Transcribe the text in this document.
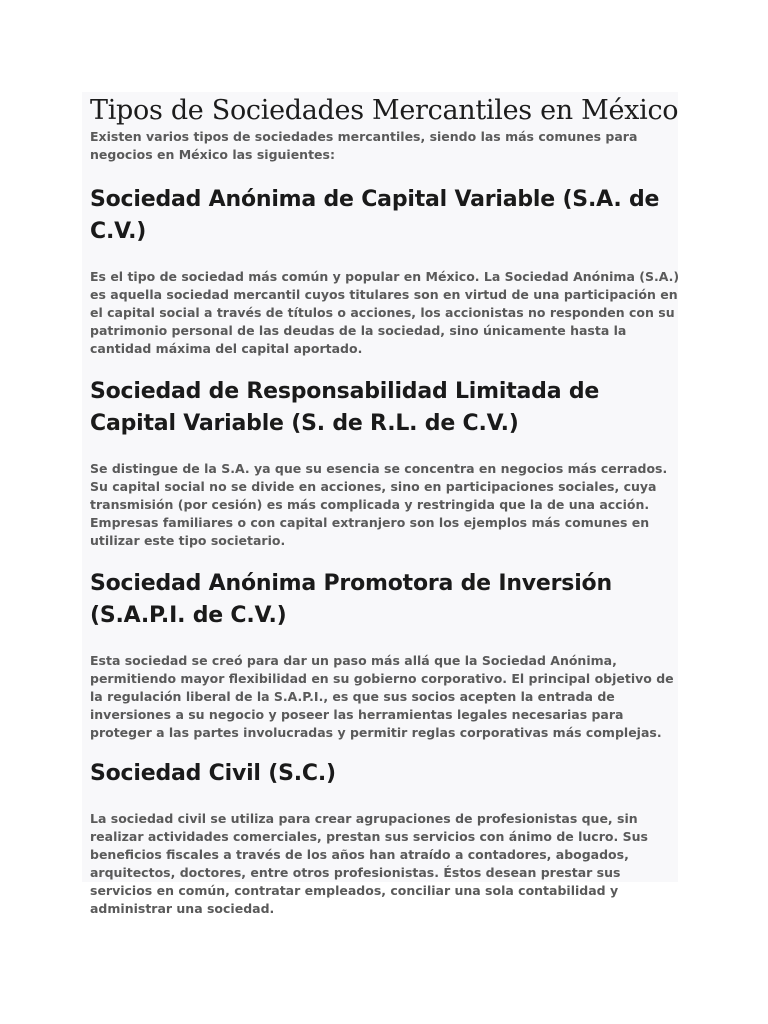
Tipos de Sociedades Mercantiles en México

Existen varios tipos de sociedades mercantiles, siendo las más comunes para negocios en México las siguientes:

Sociedad Anónima de Capital Variable (S.A. de C.V.)

Es el tipo de sociedad más común y popular en México. La Sociedad Anónima (S.A.) es aquella sociedad mercantil cuyos titulares son en virtud de una participación en el capital social a través de títulos o acciones, los accionistas no responden con su patrimonio personal de las deudas de la sociedad, sino únicamente hasta la cantidad máxima del capital aportado.

Sociedad de Responsabilidad Limitada de Capital Variable (S. de R.L. de C.V.)

Se distingue de la S.A. ya que su esencia se concentra en negocios más cerrados. Su capital social no se divide en acciones, sino en participaciones sociales, cuya transmisión (por cesión) es más complicada y restringida que la de una acción. Empresas familiares o con capital extranjero son los ejemplos más comunes en utilizar este tipo societario.

Sociedad Anónima Promotora de Inversión (S.A.P.I. de C.V.)

Esta sociedad se creó para dar un paso más allá que la Sociedad Anónima, permitiendo mayor flexibilidad en su gobierno corporativo. El principal objetivo de la regulación liberal de la S.A.P.I., es que sus socios acepten la entrada de inversiones a su negocio y poseer las herramientas legales necesarias para proteger a las partes involucradas y permitir reglas corporativas más complejas.

Sociedad Civil (S.C.)

La sociedad civil se utiliza para crear agrupaciones de profesionistas que, sin realizar actividades comerciales, prestan sus servicios con ánimo de lucro. Sus beneficios fiscales a través de los años han atraído a contadores, abogados, arquitectos, doctores, entre otros profesionistas. Éstos desean prestar sus servicios en común, contratar empleados, conciliar una sola contabilidad y administrar una sociedad.
